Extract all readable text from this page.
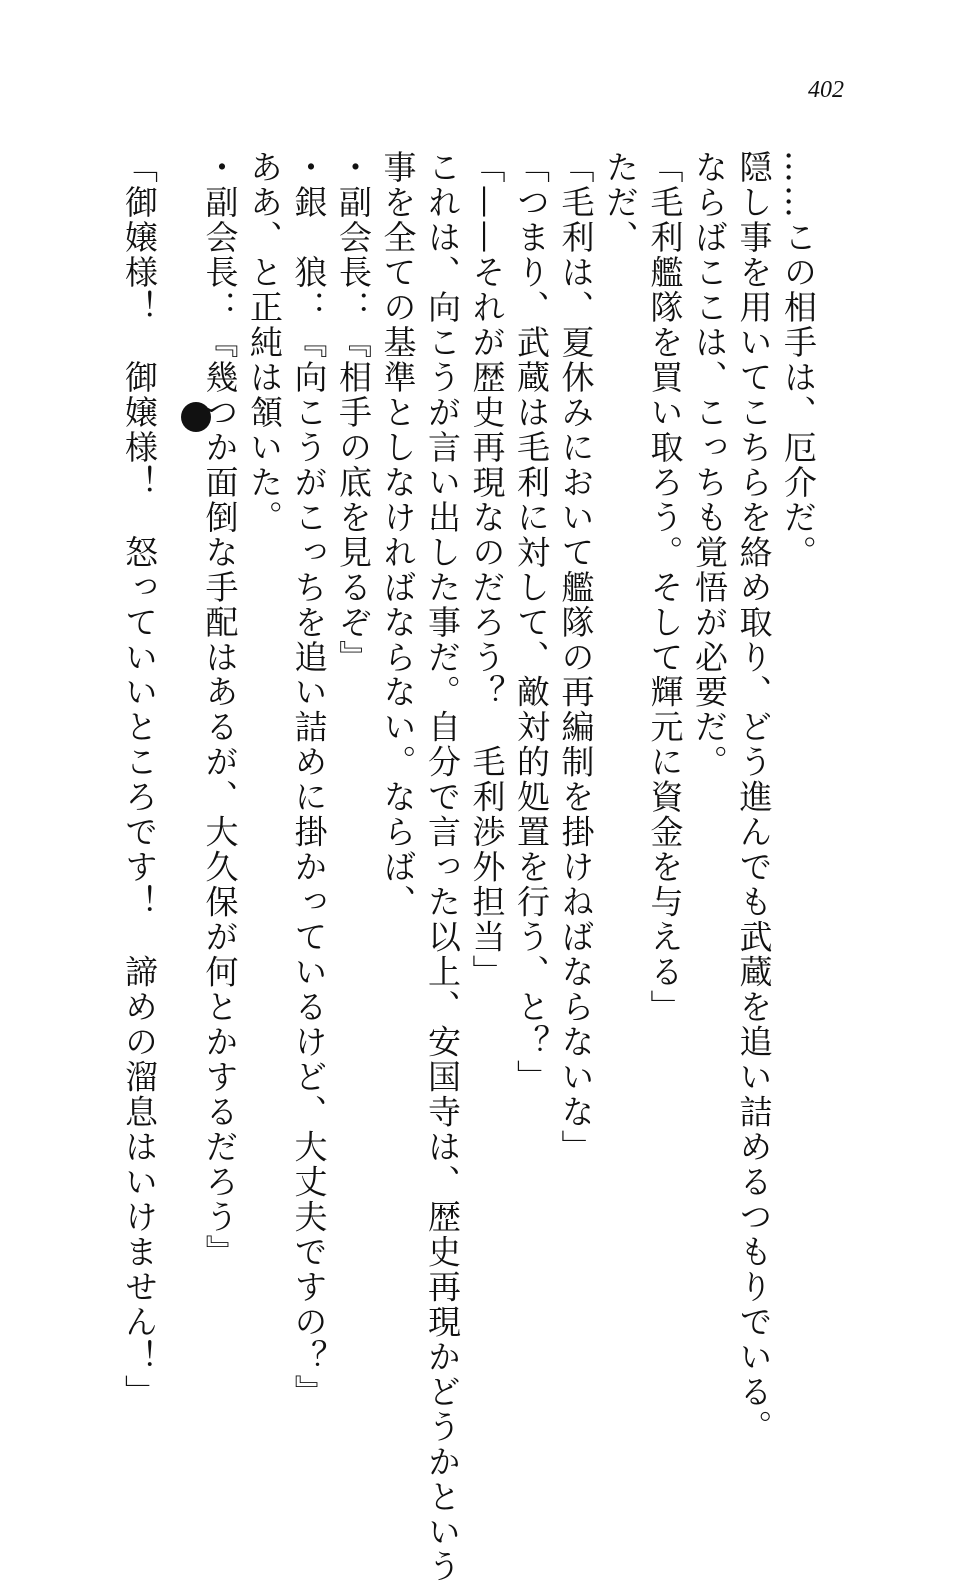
402
……この相手は、厄介だ。
隠し事を用いてこちらを絡め取り、どう進んでも武蔵を追い詰めるつもりでいる。
ならばここは、こっちも覚悟が必要だ。
「毛利艦隊を買い取ろう。そして輝元に資金を与える」
ただ、
「毛利は、夏休みにおいて艦隊の再編制を掛けねばならないな」
「つまり、武蔵は毛利に対して、敵対的処置を行う、と？」
「——それが歴史再現なのだろう？　毛利渉外担当」
これは、向こうが言い出した事だ。自分で言った以上、安国寺は、歴史再現かどうかという
事を全ての基準としなければならない。ならば、
・副会長：『相手の底を見るぞ』
・銀　狼：『向こうがこっちを追い詰めに掛かっているけど、大丈夫ですの？』
ああ、と正純は頷いた。
・副会長：『幾つか面倒な手配はあるが、大久保が何とかするだろう』
「御嬢様！　御嬢様！　怒っていいところです！　諦めの溜息はいけません！」
